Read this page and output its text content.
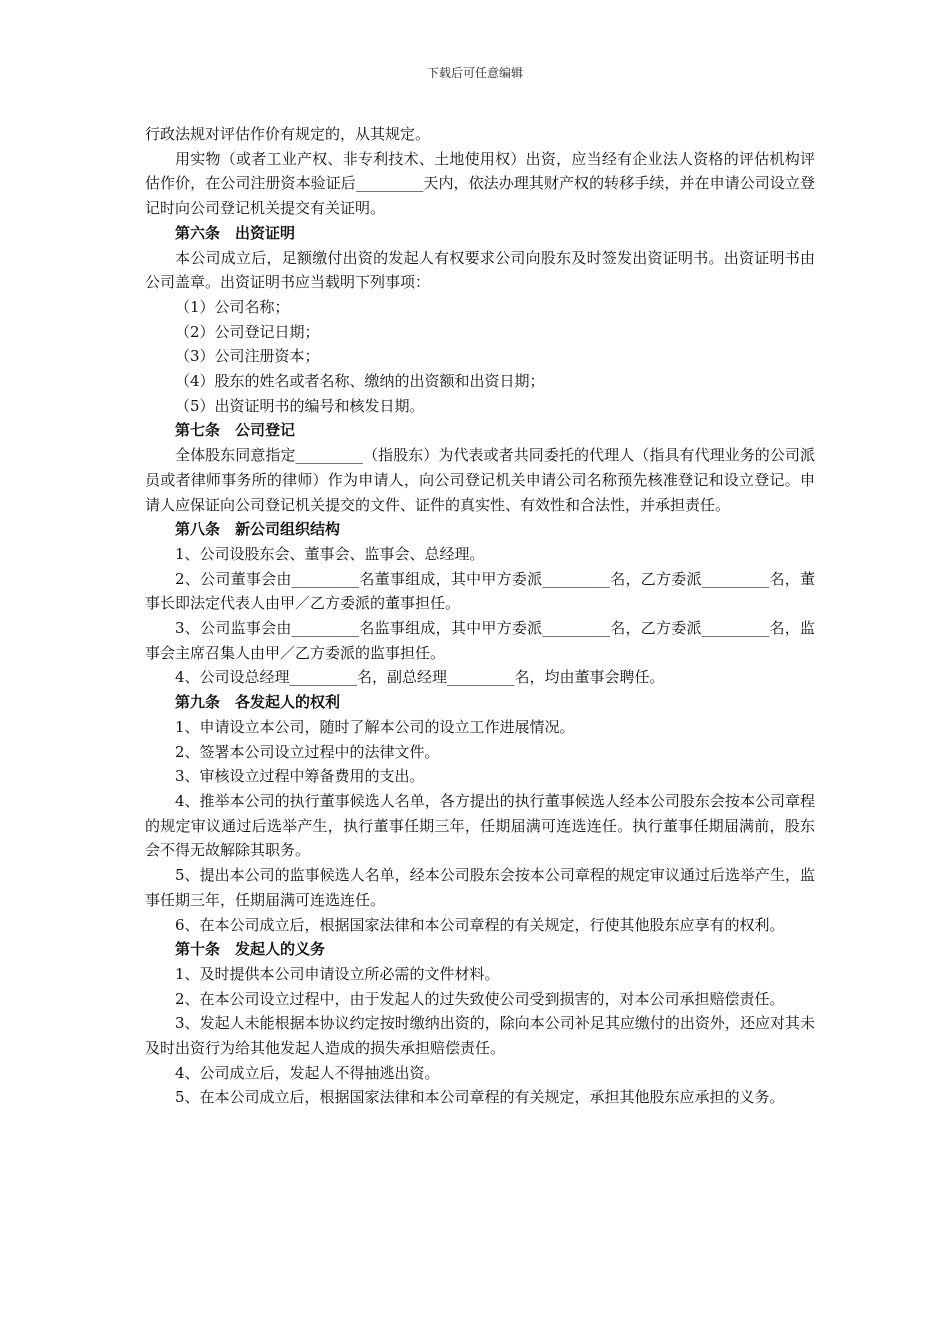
下载后可任意编辑

行政法规对评估作价有规定的，从其规定。

用实物（或者工业产权、非专利技术、土地使用权）出资，应当经有企业法人资格的评估机构评估作价，在公司注册资本验证后_________天内，依法办理其财产权的转移手续，并在申请公司设立登记时向公司登记机关提交有关证明。

第六条　出资证明

本公司成立后，足额缴付出资的发起人有权要求公司向股东及时签发出资证明书。出资证明书由公司盖章。出资证明书应当载明下列事项：

（1）公司名称；

（2）公司登记日期；

（3）公司注册资本；

（4）股东的姓名或者名称、缴纳的出资额和出资日期；

（5）出资证明书的编号和核发日期。

第七条　公司登记

全体股东同意指定_________（指股东）为代表或者共同委托的代理人（指具有代理业务的公司派员或者律师事务所的律师）作为申请人，向公司登记机关申请公司名称预先核准登记和设立登记。申请人应保证向公司登记机关提交的文件、证件的真实性、有效性和合法性，并承担责任。

第八条　新公司组织结构

1、公司设股东会、董事会、监事会、总经理。

2、公司董事会由_________名董事组成，其中甲方委派_________名，乙方委派_________名，董事长即法定代表人由甲／乙方委派的董事担任。

3、公司监事会由_________名监事组成，其中甲方委派_________名，乙方委派_________名，监事会主席召集人由甲／乙方委派的监事担任。

4、公司设总经理_________名，副总经理_________名，均由董事会聘任。

第九条　各发起人的权利

1、申请设立本公司，随时了解本公司的设立工作进展情况。

2、签署本公司设立过程中的法律文件。

3、审核设立过程中筹备费用的支出。

4、推举本公司的执行董事候选人名单，各方提出的执行董事候选人经本公司股东会按本公司章程的规定审议通过后选举产生，执行董事任期三年，任期届满可连选连任。执行董事任期届满前，股东会不得无故解除其职务。

5、提出本公司的监事候选人名单，经本公司股东会按本公司章程的规定审议通过后选举产生，监事任期三年，任期届满可连选连任。

6、在本公司成立后，根据国家法律和本公司章程的有关规定，行使其他股东应享有的权利。

第十条　发起人的义务

1、及时提供本公司申请设立所必需的文件材料。

2、在本公司设立过程中，由于发起人的过失致使公司受到损害的，对本公司承担赔偿责任。

3、发起人未能根据本协议约定按时缴纳出资的，除向本公司补足其应缴付的出资外，还应对其未及时出资行为给其他发起人造成的损失承担赔偿责任。

4、公司成立后，发起人不得抽逃出资。

5、在本公司成立后，根据国家法律和本公司章程的有关规定，承担其他股东应承担的义务。
